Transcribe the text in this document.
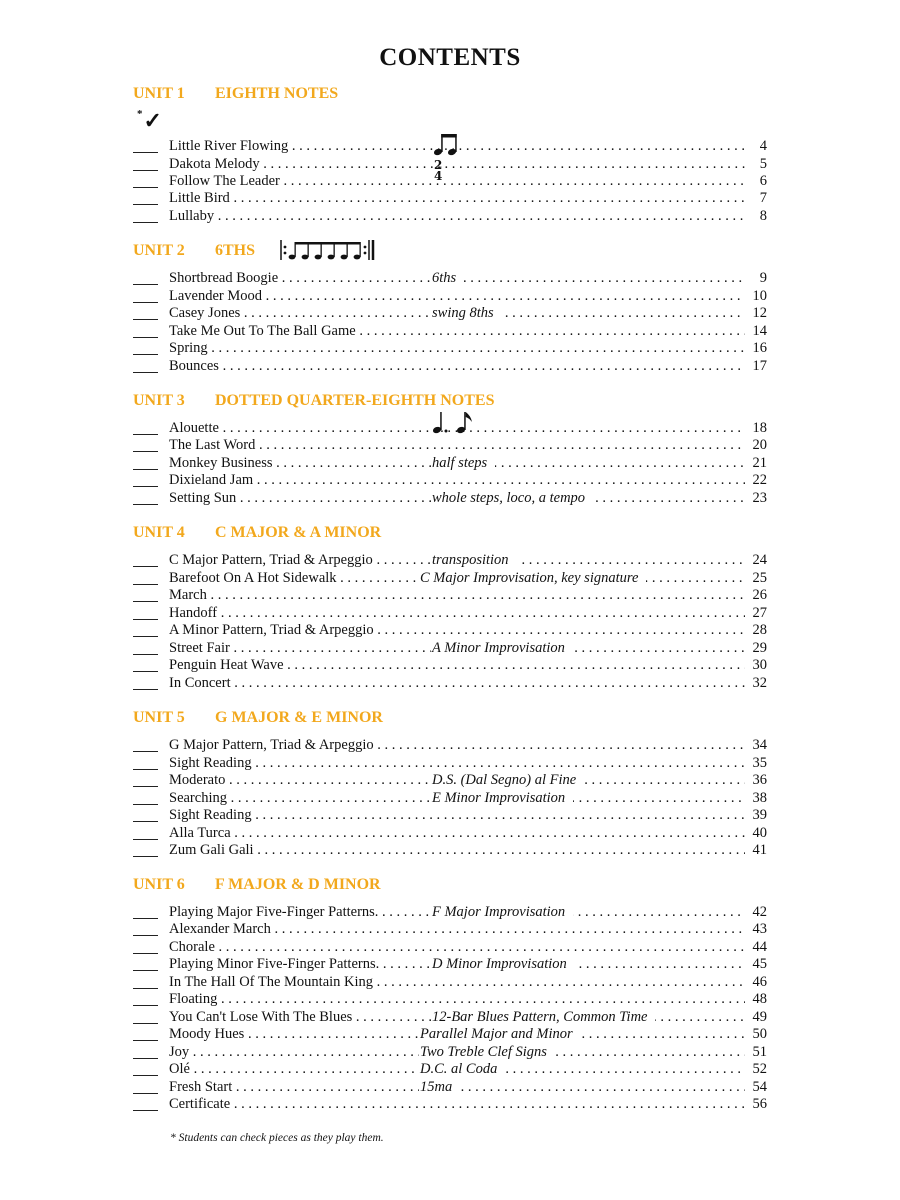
CONTENTS
*✓
2
4
UNIT 1 EIGHTH NOTES
Little River Flowing . . .	4
Dakota Melody . . .	5
Follow The Leader . . .	6
Little Bird . . .	7
Lullaby . . .	8
UNIT 2 6THS
Shortbread Boogie . . .	6ths	9
Lavender Mood . . .	10
Casey Jones . . .	swing 8ths	12
Take Me Out To The Ball Game . . .	14
Spring . . .	16
Bounces . . .	17
UNIT 3 DOTTED QUARTER-EIGHTH NOTES
Alouette . . .	18
The Last Word . . .	20
Monkey Business . . .	half steps	21
Dixieland Jam . . .	22
Setting Sun . . .	whole steps, loco, a tempo	23
UNIT 4 C MAJOR & A MINOR
C Major Pattern, Triad & Arpeggio . . .	transposition	24
Barefoot On A Hot Sidewalk . . .	C Major Improvisation, key signature	25
March . . .	26
Handoff . . .	27
A Minor Pattern, Triad & Arpeggio . . .	28
Street Fair . . .	A Minor Improvisation	29
Penguin Heat Wave . . .	30
In Concert . . .	32
UNIT 5 G MAJOR & E MINOR
G Major Pattern, Triad & Arpeggio . . .	34
Sight Reading . . .	35
Moderato . . .	D.S. (Dal Segno) al Fine	36
Searching . . .	E Minor Improvisation	38
Sight Reading . . .	39
Alla Turca . . .	40
Zum Gali Gali . . .	41
UNIT 6 F MAJOR & D MINOR
Playing Major Five-Finger Patterns. . . .	F Major Improvisation	42
Alexander March . . .	43
Chorale . . .	44
Playing Minor Five-Finger Patterns. . . .	D Minor Improvisation	45
In The Hall Of The Mountain King . . .	46
Floating . . .	48
You Can't Lose With The Blues . . .	12-Bar Blues Pattern, Common Time	49
Moody Hues . . .	Parallel Major and Minor	50
Joy . . .	Two Treble Clef Signs	51
Olé . . .	D.C. al Coda	52
Fresh Start . . .	15ma	54
Certificate . . .	56
* Students can check pieces as they play them.
